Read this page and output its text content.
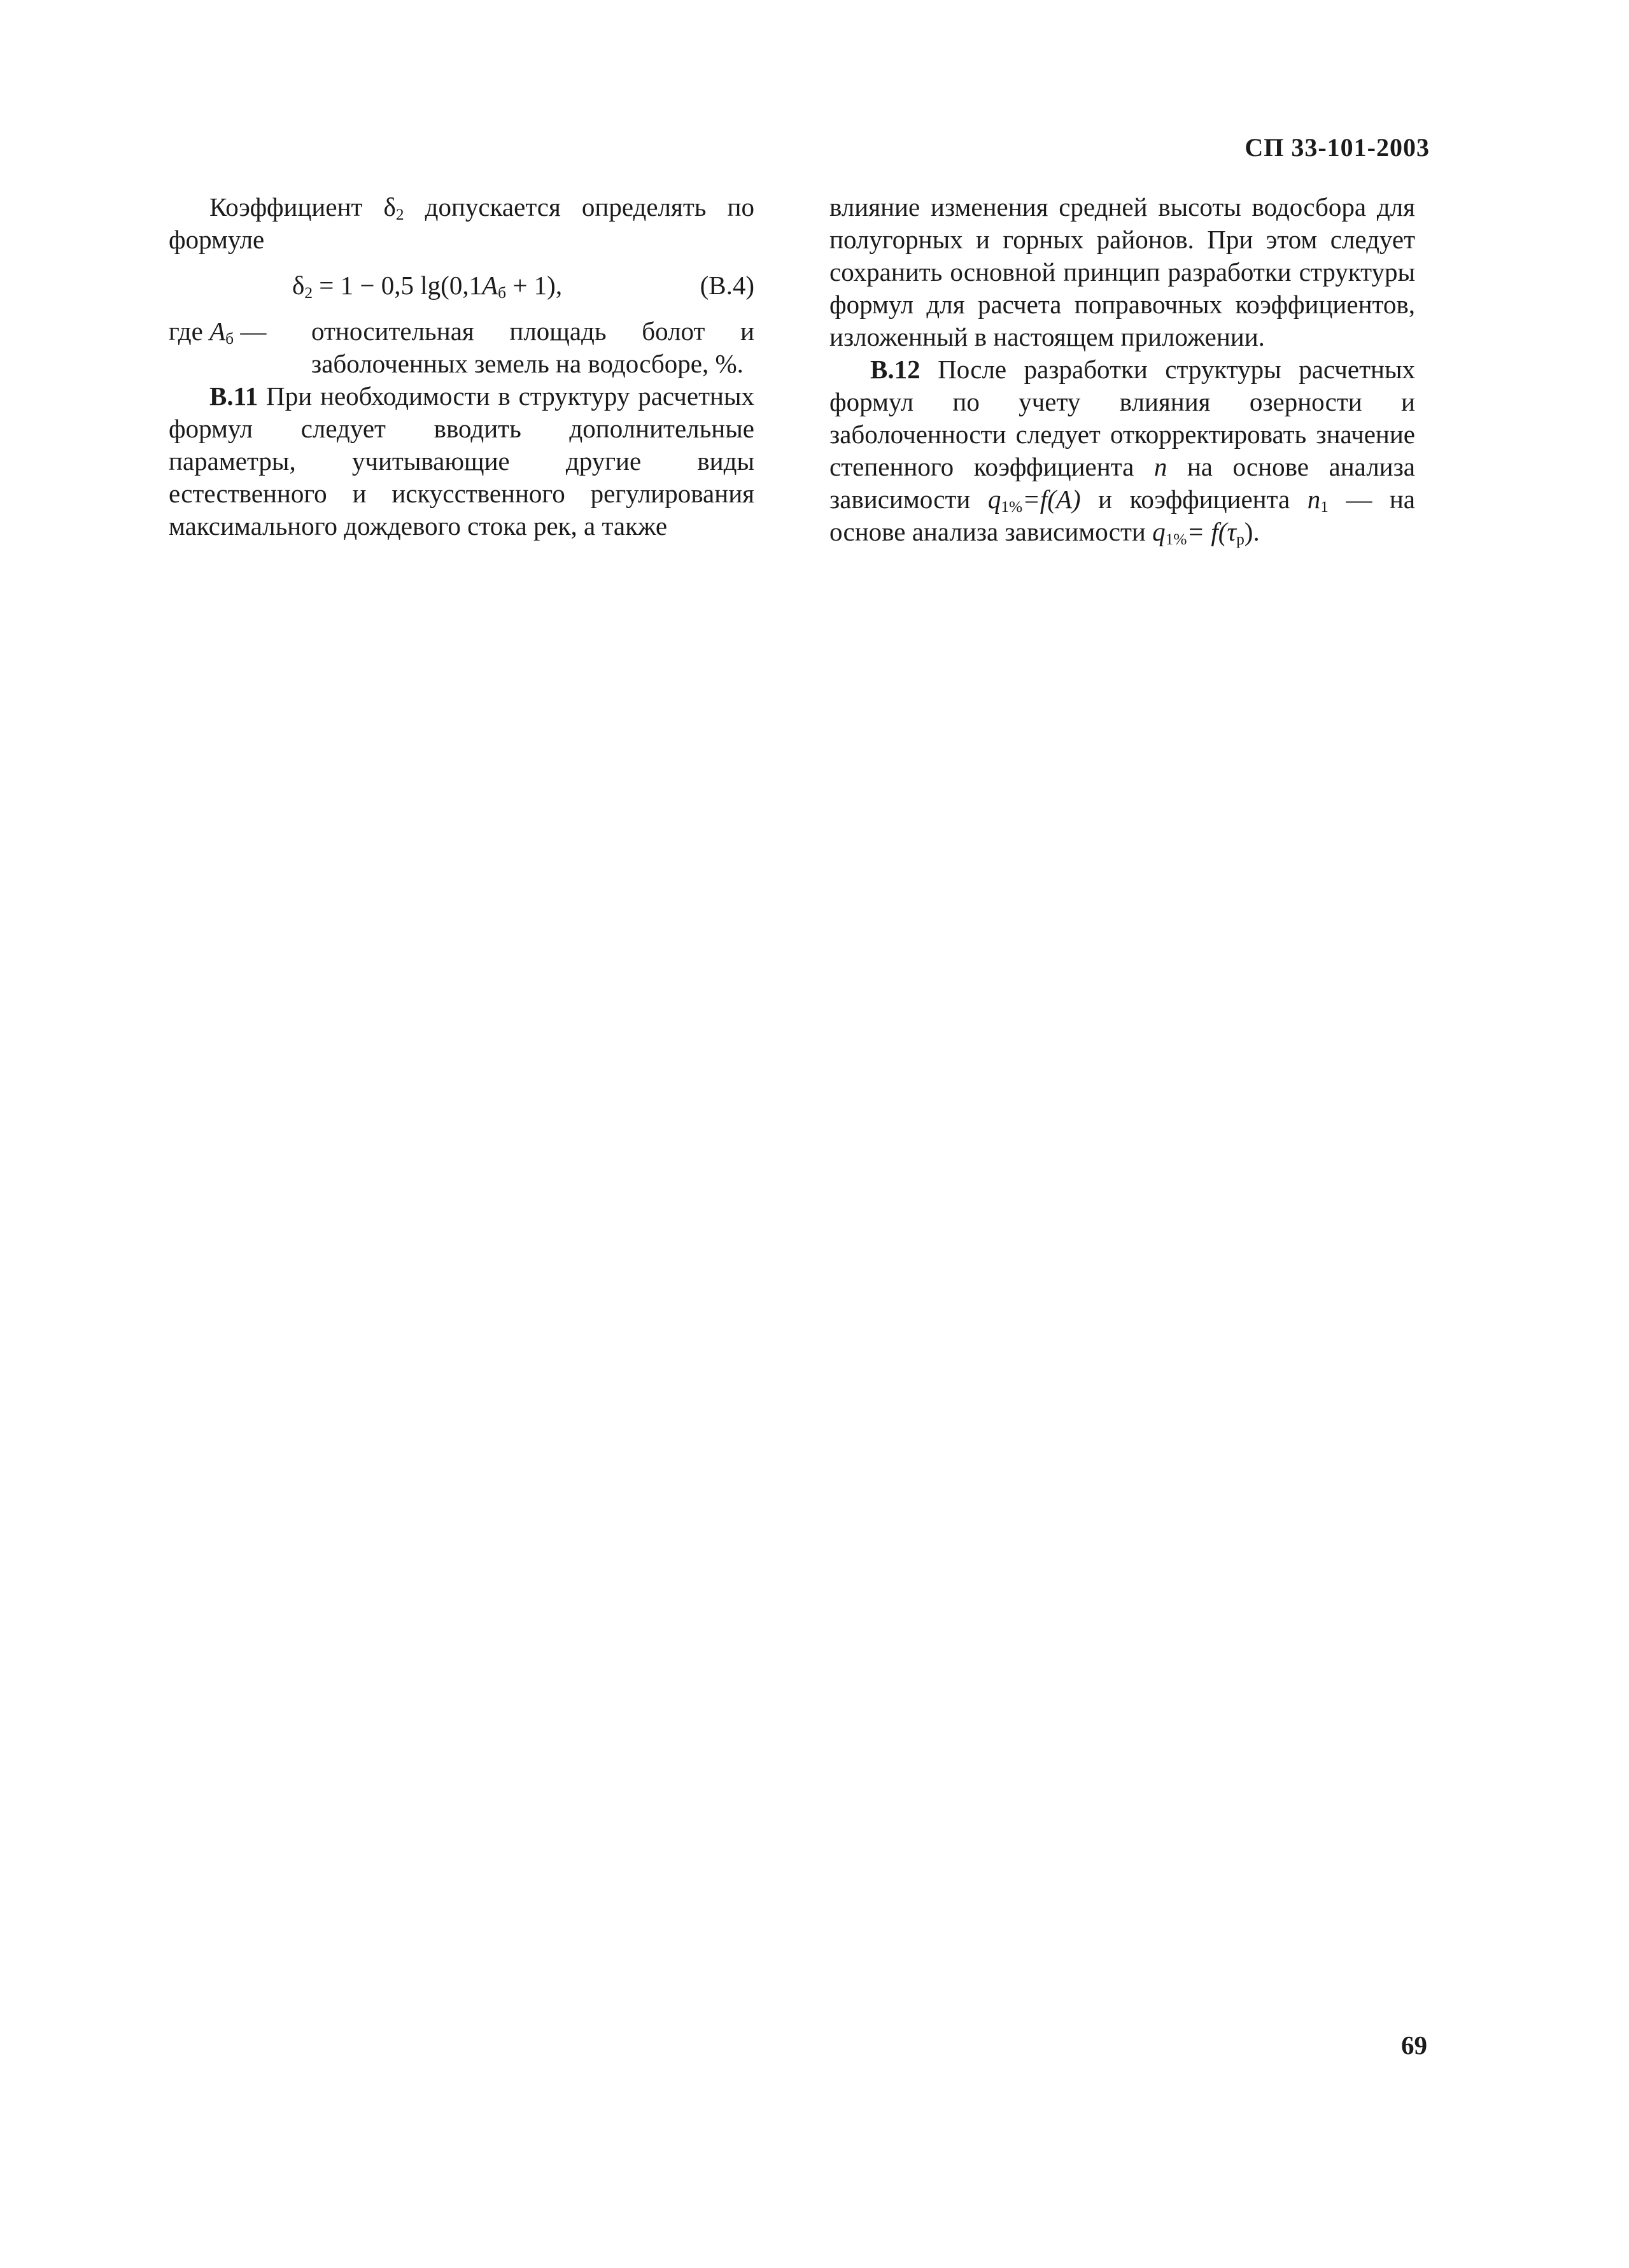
СП 33-101-2003

Коэффициент $\delta_2$ допускается определять по формуле

$\delta_2 = 1 - 0,5$ $\lg(0,1A_б + 1)$,	(В.4)
где $A_б$ — относительная площадь болот и заболоченных земель на водосборе, %.

В.11 При необходимости в структуру расчетных формул следует вводить дополнительные параметры, учитывающие другие виды естественного и искусственного регулирования максимального дождевого стока рек, а также

влияние изменения средней высоты водосбора для полугорных и горных районов. При этом следует сохранить основной принцип разработки структуры формул для расчета поправочных коэффициентов, изложенный в настоящем приложении.

В.12 После разработки структуры расчетных формул по учету влияния озерности и заболоченности следует откорректировать значение степенного коэффициента n на основе анализа зависимости $q_{1\%}=f(A)$ и коэффициента $n_1$ — на основе анализа зависимости $q_{1\%}= f(\tau_р)$.

69
